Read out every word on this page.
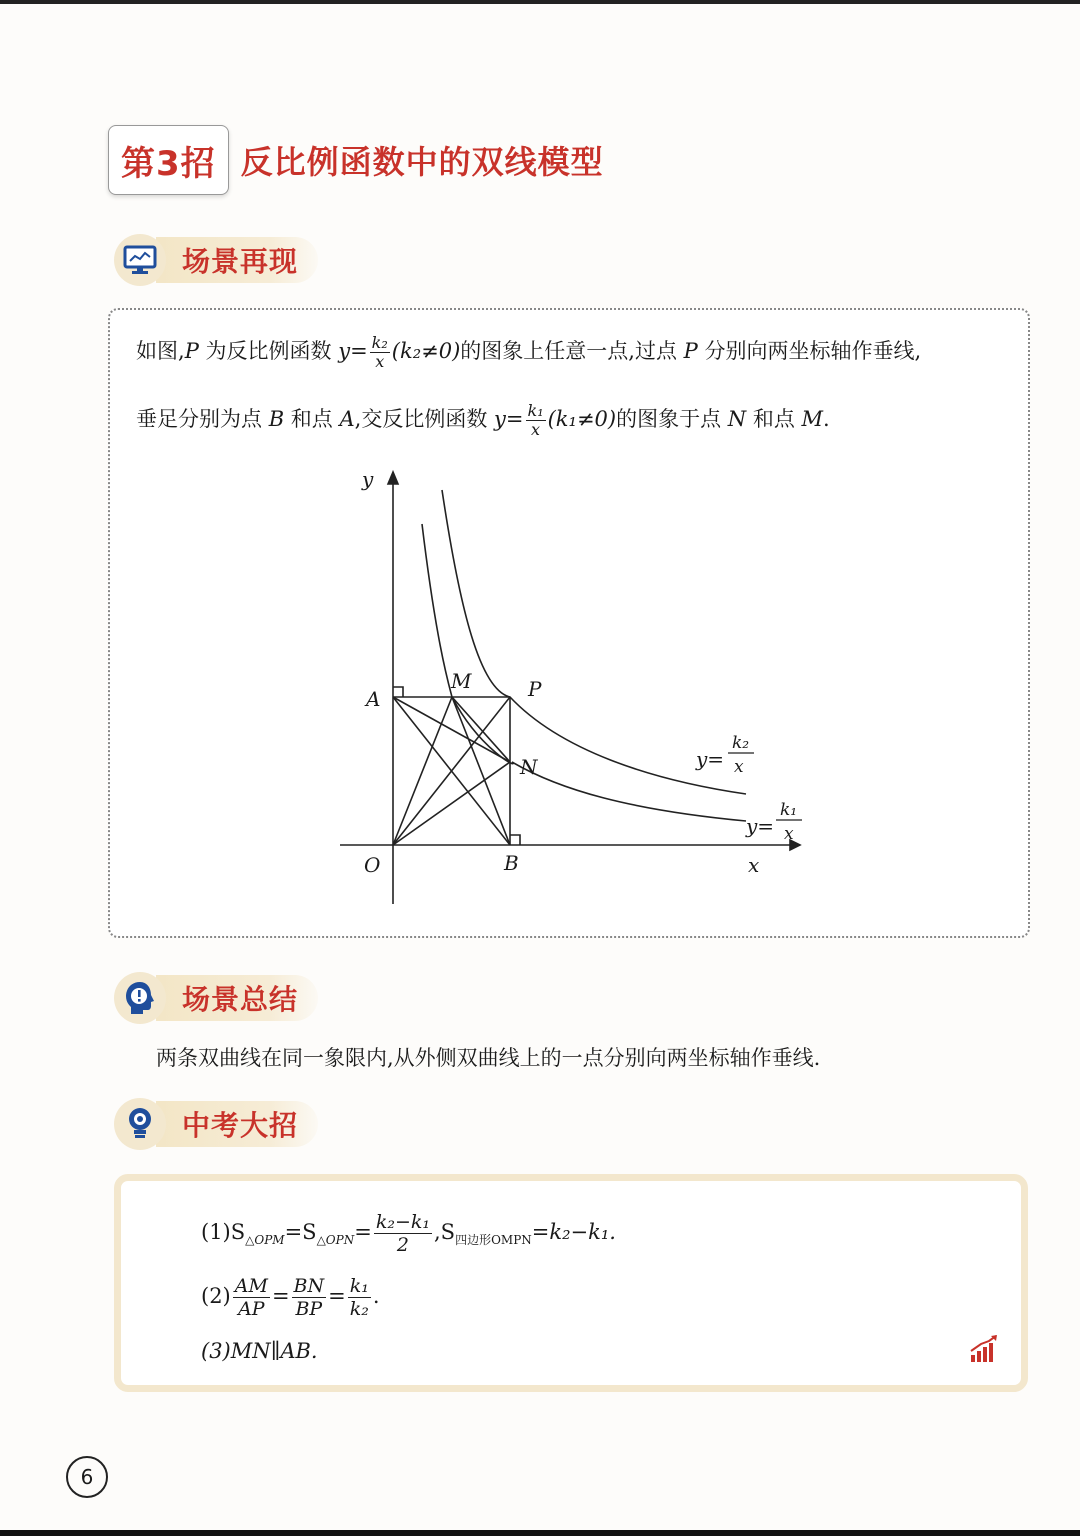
第3招 反比例函数中的双线模型
场景再现
如图,P 为反比例函数 $y= \frac{\text{k₂}}{x} (k_2\ne 0)$的图象上任意一点,过点 P 分别向两坐标轴作垂线,
垂足分别为点 B 和点 A,交反比例函数 $y= \frac{\text{k₁}}{x} (k_1\ne 0)$的图象于点 N 和点 M.
y
x
O
A
B
P
M
N	y=
k₂
x
y=
k₁
x
场景总结
两条双曲线在同一象限内,从外侧双曲线上的一点分别向两坐标轴作垂线.
中考大招
$(1)S_{\triangle OPM}=S_{\triangle OPN}= \frac{\text{k₂−k₁}}{2} ,S_{四边形OMPN}=k_2-k_1$.
$(2) \frac{AM}{AP} = \frac{BN}{BP} = \frac{\text{k₁}}{\text{k₂}}$ .
(3)MN∥AB.
6
